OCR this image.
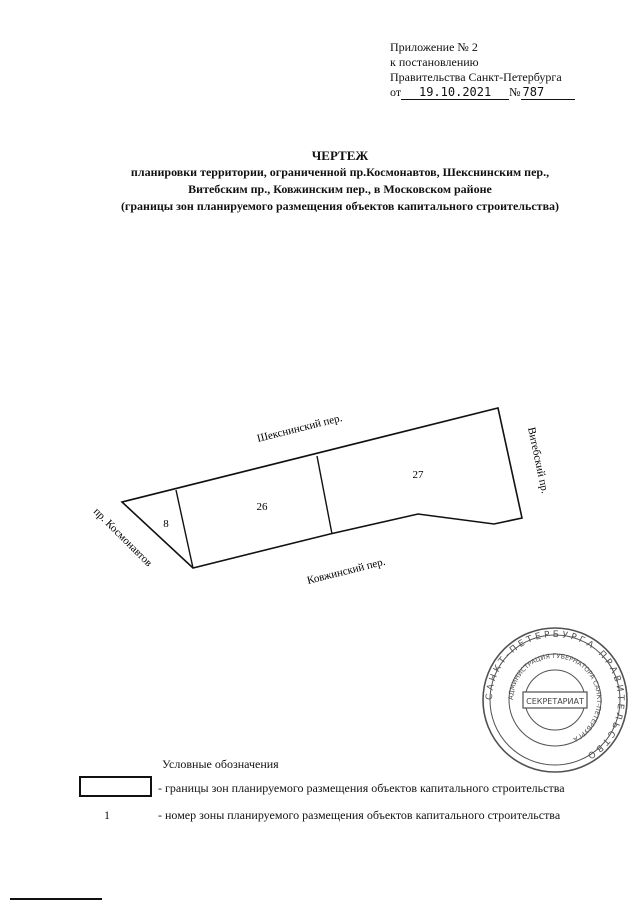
Приложение № 2
к постановлению
Правительства Санкт-Петербурга
от 19.10.2021 № 787
ЧЕРТЕЖ
планировки территории, ограниченной пр.Космонавтов, Шекснинским пер.,
Витебским пр., Ковжинским пер., в Московском районе
(границы зон планируемого размещения объектов капитального строительства)
8
26
27
Шекснинский пер.	Витебский пр.
Ковжинский пер.
пр. Космонавтов
САНКТ-ПЕТЕРБУРГА ПРАВИТЕЛЬСТВО
АДМИНИСТРАЦИЯ ГУБЕРНАТОРА САНКТ-ПЕТЕРБУРГА
СЕКРЕТАРИАТ
Условные обозначения
- границы зон планируемого размещения объектов капитального строительства
1	- номер зоны планируемого размещения объектов капитального строительства
